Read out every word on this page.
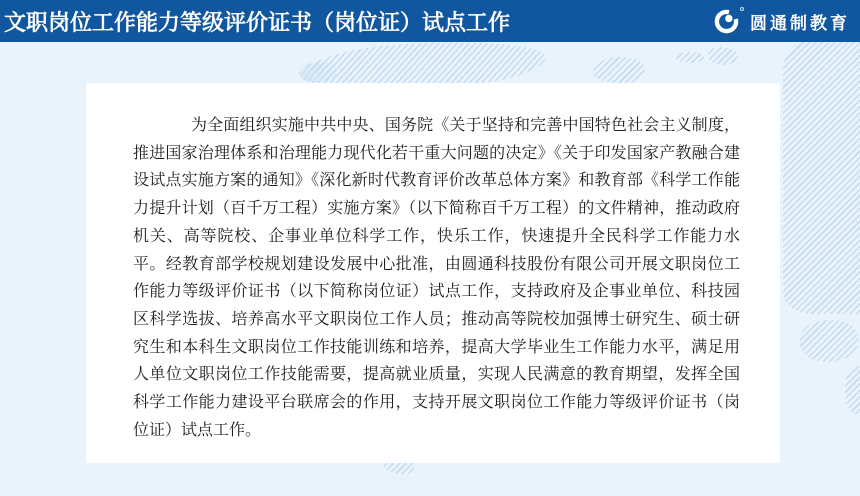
文职岗位工作能力等级评价证书（岗位证）试点工作	圆通制教育

为全面组织实施中共中央、国务院《关于坚持和完善中国特色社会主义制度，推进国家治理体系和治理能力现代化若干重大问题的决定》《关于印发国家产教融合建设试点实施方案的通知》《深化新时代教育评价改革总体方案》和教育部《科学工作能力提升计划（百千万工程）实施方案》（以下简称百千万工程）的文件精神，推动政府机关、高等院校、企事业单位科学工作，快乐工作，快速提升全民科学工作能力水平。经教育部学校规划建设发展中心批准，由圆通科技股份有限公司开展文职岗位工作能力等级评价证书（以下简称岗位证）试点工作，支持政府及企事业单位、科技园区科学选拔、培养高水平文职岗位工作人员；推动高等院校加强博士研究生、硕士研究生和本科生文职岗位工作技能训练和培养，提高大学毕业生工作能力水平，满足用人单位文职岗位工作技能需要，提高就业质量，实现人民满意的教育期望，发挥全国科学工作能力建设平台联席会的作用，支持开展文职岗位工作能力等级评价证书（岗位证）试点工作。
